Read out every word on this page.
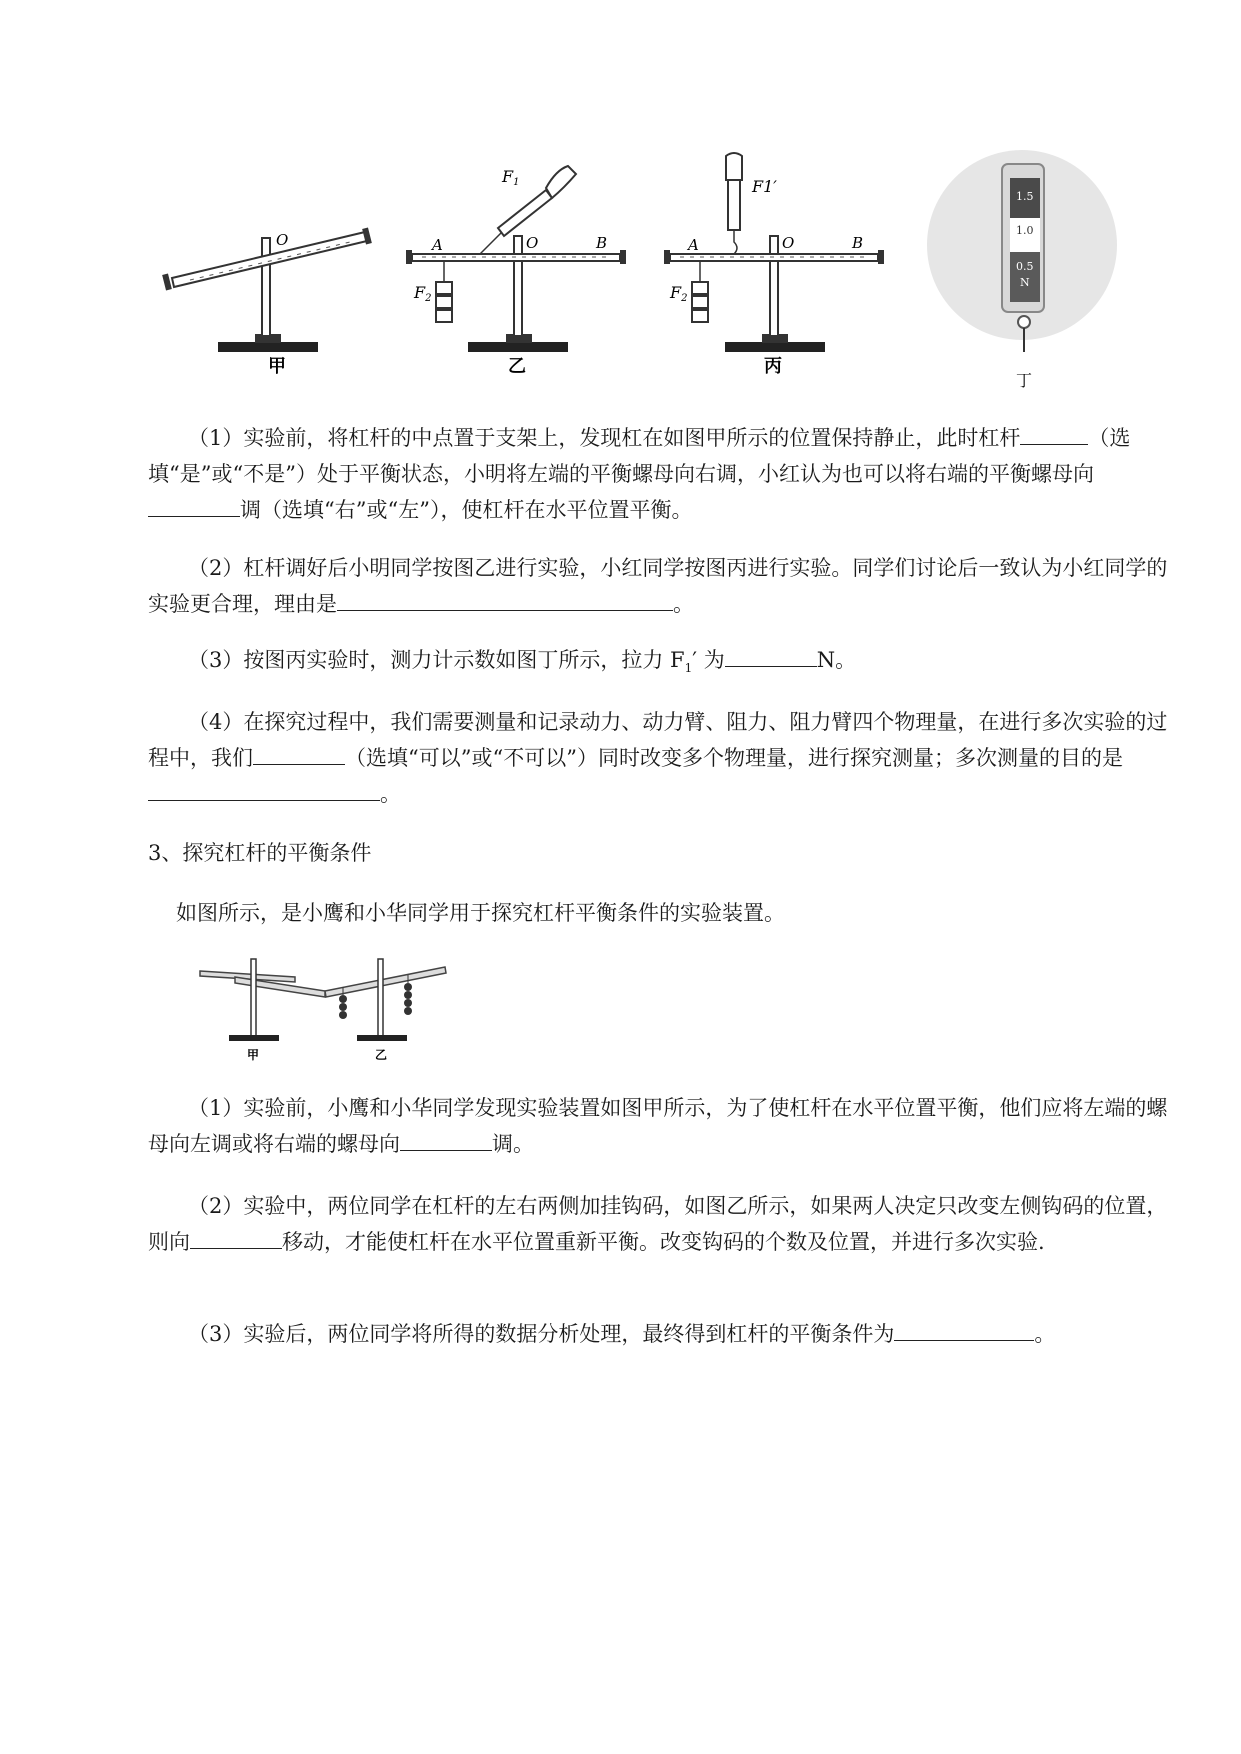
O
甲
A	O	B
F1
F2
乙
A	O	B
F1′
F2
丙
1.5
1.0
0.5
N
丁
（1）实验前，将杠杆的中点置于支架上，发现杠在如图甲所示的位置保持静止，此时杠杆	（选填“是”或“不是”）处于平衡状态，小明将左端的平衡螺母向右调，小红认为也可以将右端的平衡螺母向调（选填“右”或“左”），使杠杆在水平位置平衡。
（2）杠杆调好后小明同学按图乙进行实验，小红同学按图丙进行实验。同学们讨论后一致认为小红同学的实验更合理，理由是	。
（3）按图丙实验时，测力计示数如图丁所示，拉力 $F_1'$ 为	N。
（4）在探究过程中，我们需要测量和记录动力、动力臂、阻力、阻力臂四个物理量，在进行多次实验的过程中，我们	（选填“可以”或“不可以”）同时改变多个物理量，进行探究测量；多次测量的目的是。
3、探究杠杆的平衡条件
如图所示，是小鹰和小华同学用于探究杠杆平衡条件的实验装置。
甲	乙
（1）实验前，小鹰和小华同学发现实验装置如图甲所示，为了使杠杆在水平位置平衡，他们应将左端的螺母向左调或将右端的螺母向	调。
（2）实验中，两位同学在杠杆的左右两侧加挂钩码，如图乙所示，如果两人决定只改变左侧钩码的位置，则向	移动，才能使杠杆在水平位置重新平衡。改变钩码的个数及位置，并进行多次实验.
（3）实验后，两位同学将所得的数据分析处理，最终得到杠杆的平衡条件为	。
